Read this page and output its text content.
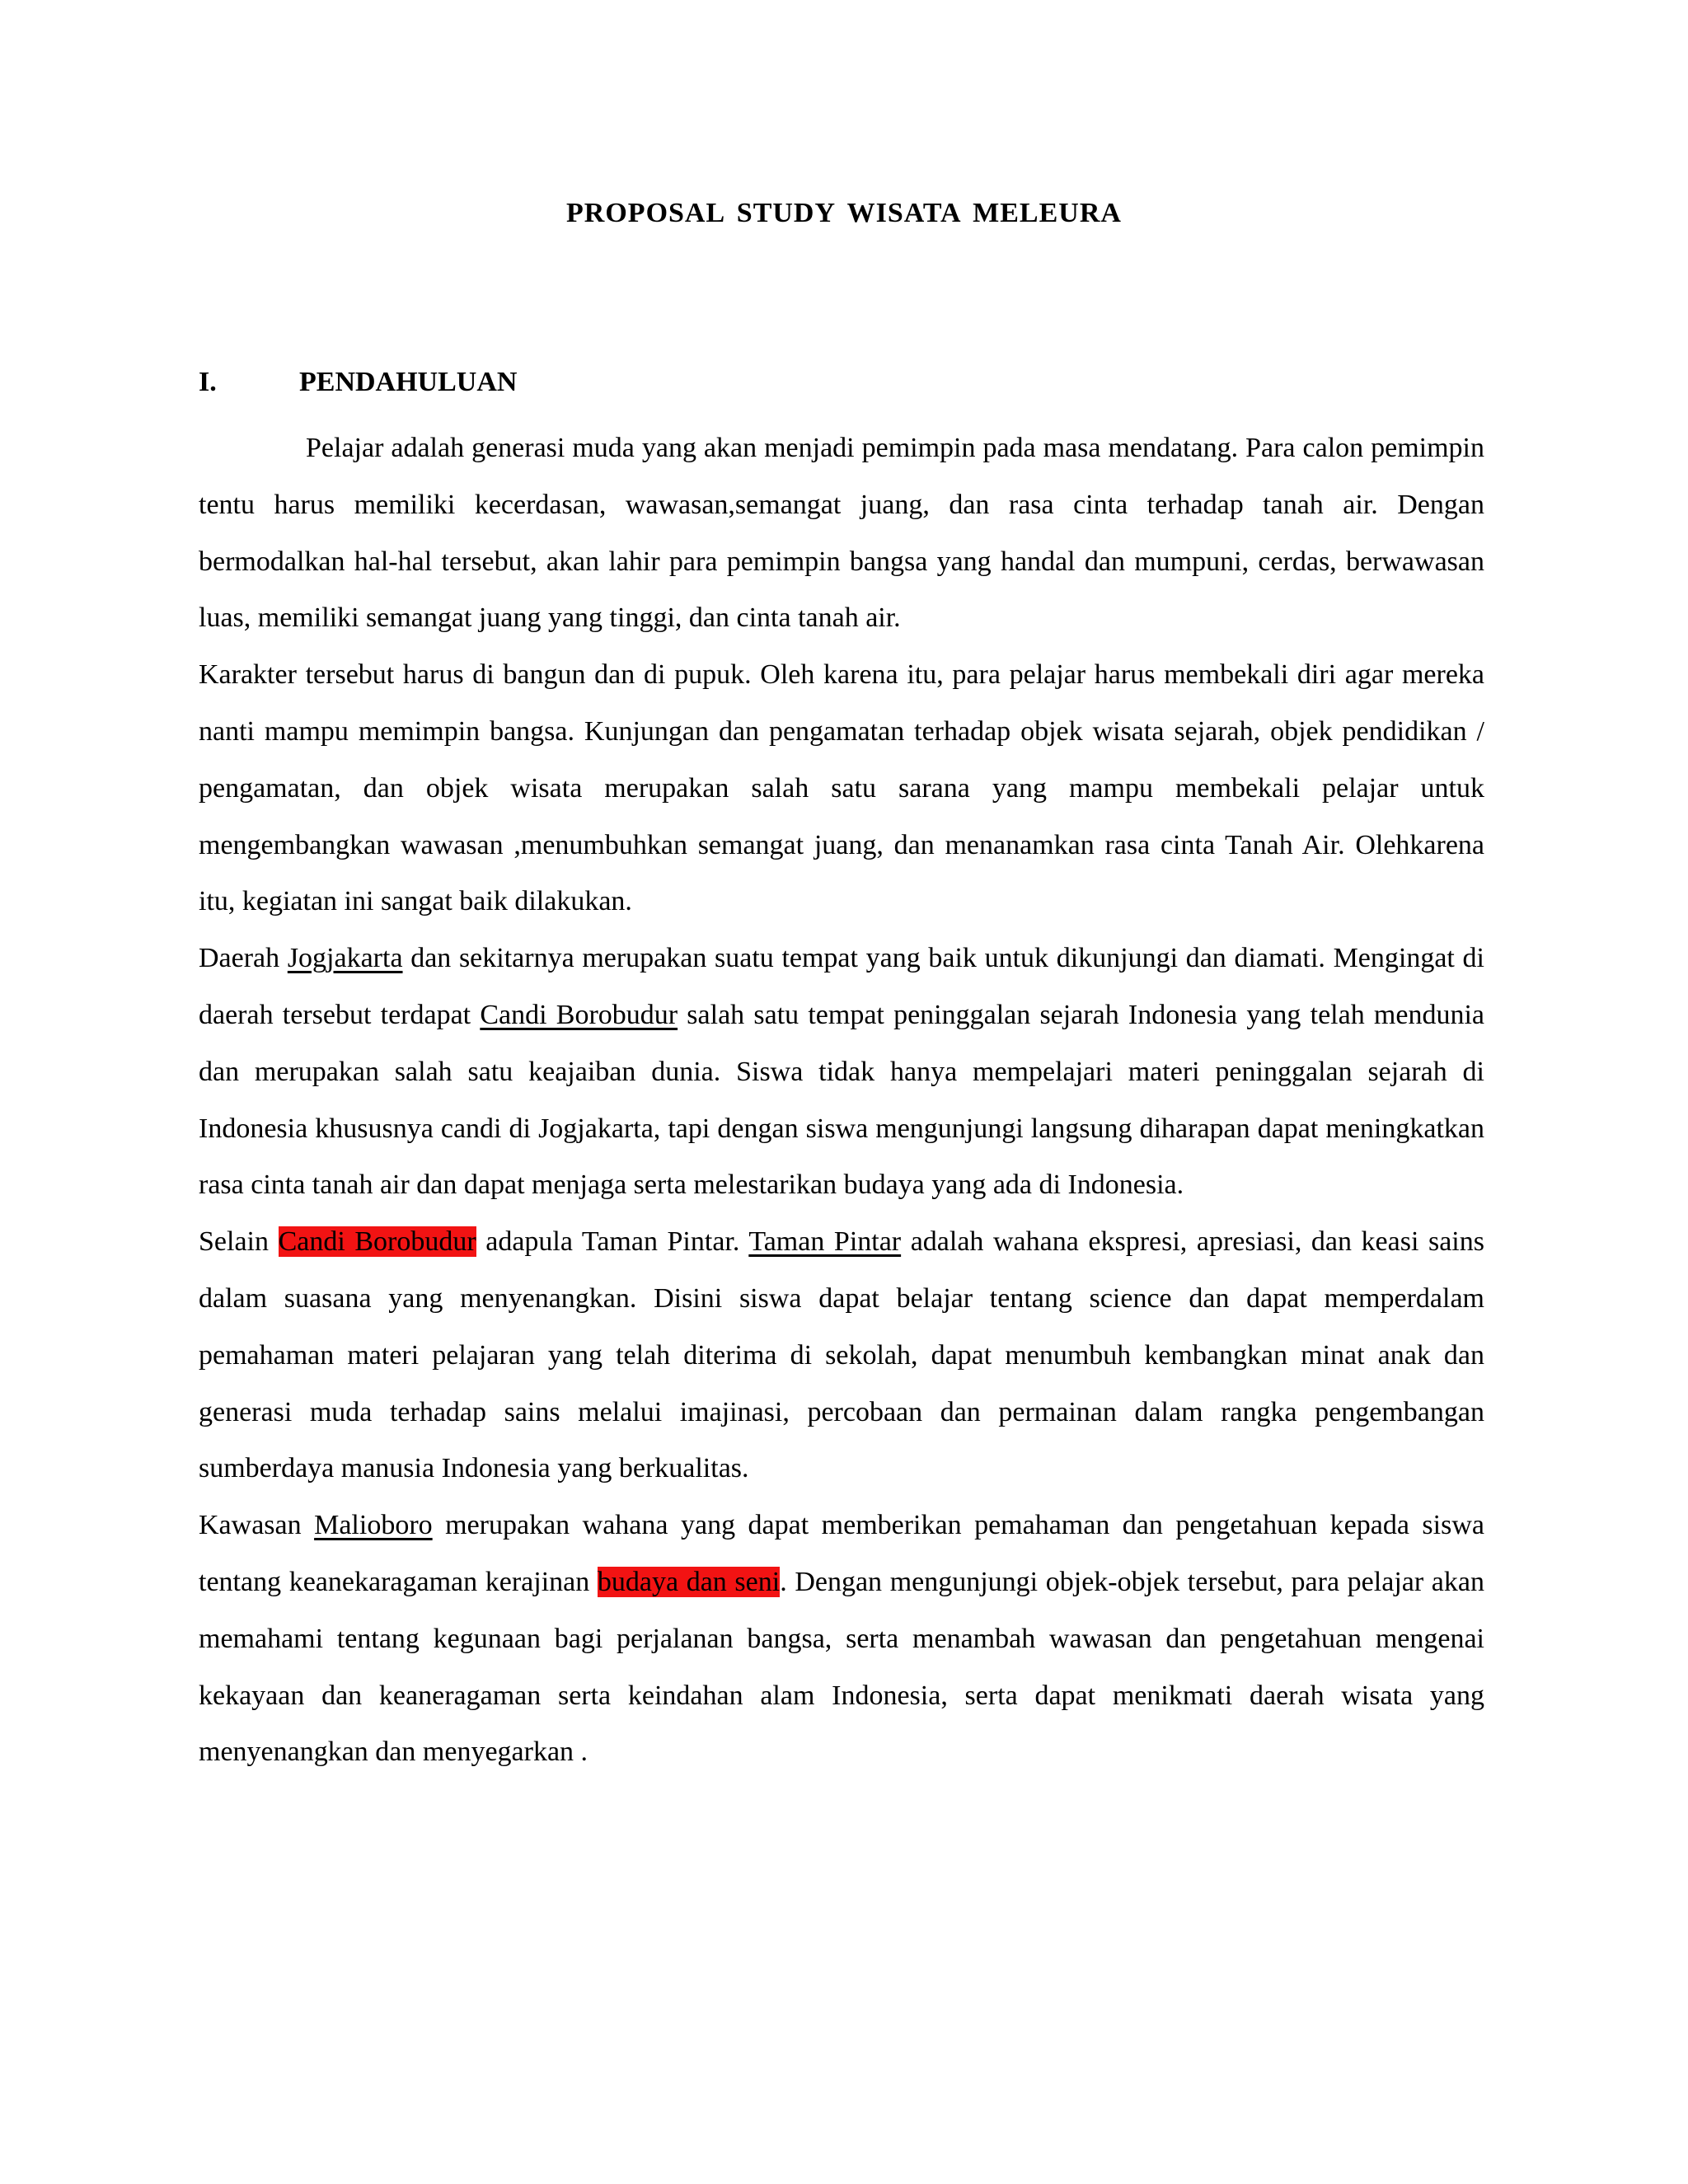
PROPOSAL STUDY WISATA MELEURA
I.	PENDAHULUAN

Pelajar adalah generasi muda yang akan menjadi pemimpin pada masa mendatang. Para calon pemimpin tentu harus memiliki kecerdasan, wawasan,semangat juang, dan rasa cinta terhadap tanah air. Dengan bermodalkan hal-hal tersebut, akan lahir para pemimpin bangsa yang handal dan mumpuni, cerdas, berwawasan luas, memiliki semangat juang yang tinggi, dan cinta tanah air.

Karakter tersebut harus di bangun dan di pupuk. Oleh karena itu, para pelajar harus membekali diri agar mereka nanti mampu memimpin bangsa. Kunjungan dan pengamatan terhadap objek wisata sejarah, objek pendidikan / pengamatan, dan objek wisata merupakan salah satu sarana yang mampu membekali pelajar untuk mengembangkan wawasan ,menumbuhkan semangat juang, dan menanamkan rasa cinta Tanah Air. Olehkarena itu, kegiatan ini sangat baik dilakukan.

Daerah Jogjakarta dan sekitarnya merupakan suatu tempat yang baik untuk dikunjungi dan diamati. Mengingat di daerah tersebut terdapat Candi Borobudur salah satu tempat peninggalan sejarah Indonesia yang telah mendunia dan merupakan salah satu keajaiban dunia. Siswa tidak hanya mempelajari materi peninggalan sejarah di Indonesia khususnya candi di Jogjakarta, tapi dengan siswa mengunjungi langsung diharapan dapat meningkatkan rasa cinta tanah air dan dapat menjaga serta melestarikan budaya yang ada di Indonesia.

Selain Candi Borobudur adapula Taman Pintar. Taman Pintar adalah wahana ekspresi, apresiasi, dan keasi sains dalam suasana yang menyenangkan. Disini siswa dapat belajar tentang science dan dapat memperdalam pemahaman materi pelajaran yang telah diterima di sekolah, dapat menumbuh kembangkan minat anak dan generasi muda terhadap sains melalui imajinasi, percobaan dan permainan dalam rangka pengembangan sumberdaya manusia Indonesia yang berkualitas.

Kawasan Malioboro merupakan wahana yang dapat memberikan pemahaman dan pengetahuan kepada siswa tentang keanekaragaman kerajinan budaya dan seni. Dengan mengunjungi objek-objek tersebut, para pelajar akan memahami tentang kegunaan bagi perjalanan bangsa, serta menambah wawasan dan pengetahuan mengenai kekayaan dan keaneragaman serta keindahan alam Indonesia, serta dapat menikmati daerah wisata yang menyenangkan dan menyegarkan .
